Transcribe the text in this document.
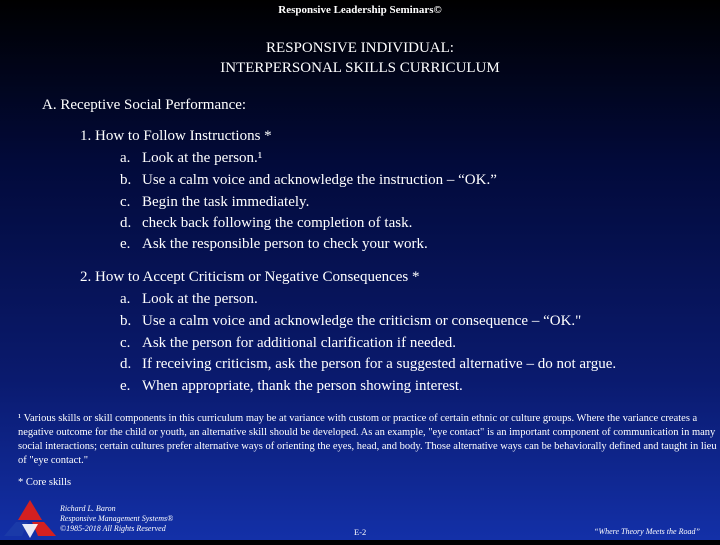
Responsive Leadership Seminars©
RESPONSIVE INDIVIDUAL:
INTERPERSONAL SKILLS CURRICULUM
A. Receptive Social Performance:
1. How to Follow Instructions *
a. Look at the person.¹
b. Use a calm voice and acknowledge the instruction – “OK.”
c. Begin the task immediately.
d. check back following the completion of task.
e. Ask the responsible person to check your work.
2. How to Accept Criticism or Negative Consequences *
a. Look at the person.
b. Use a calm voice and acknowledge the criticism or consequence – “OK."
c. Ask the person for additional clarification if needed.
d. If receiving criticism, ask the person for a suggested alternative – do not argue.
e. When appropriate, thank the person showing interest.
¹ Various skills or skill components in this curriculum may be at variance with custom or practice of certain ethnic or culture groups. Where the variance creates a negative outcome for the child or youth, an alternative skill should be developed. As an example, "eye contact" is an important component of communication in many social interactions; certain cultures prefer alternative ways of orienting the eyes, head, and body. Those alternative ways can be behaviorally defined and taught in lieu of "eye contact."
* Core skills
Richard L. Baron
Responsive Management Systems®
©1985-2018 All Rights Reserved	E-2	“Where Theory Meets the Road”
